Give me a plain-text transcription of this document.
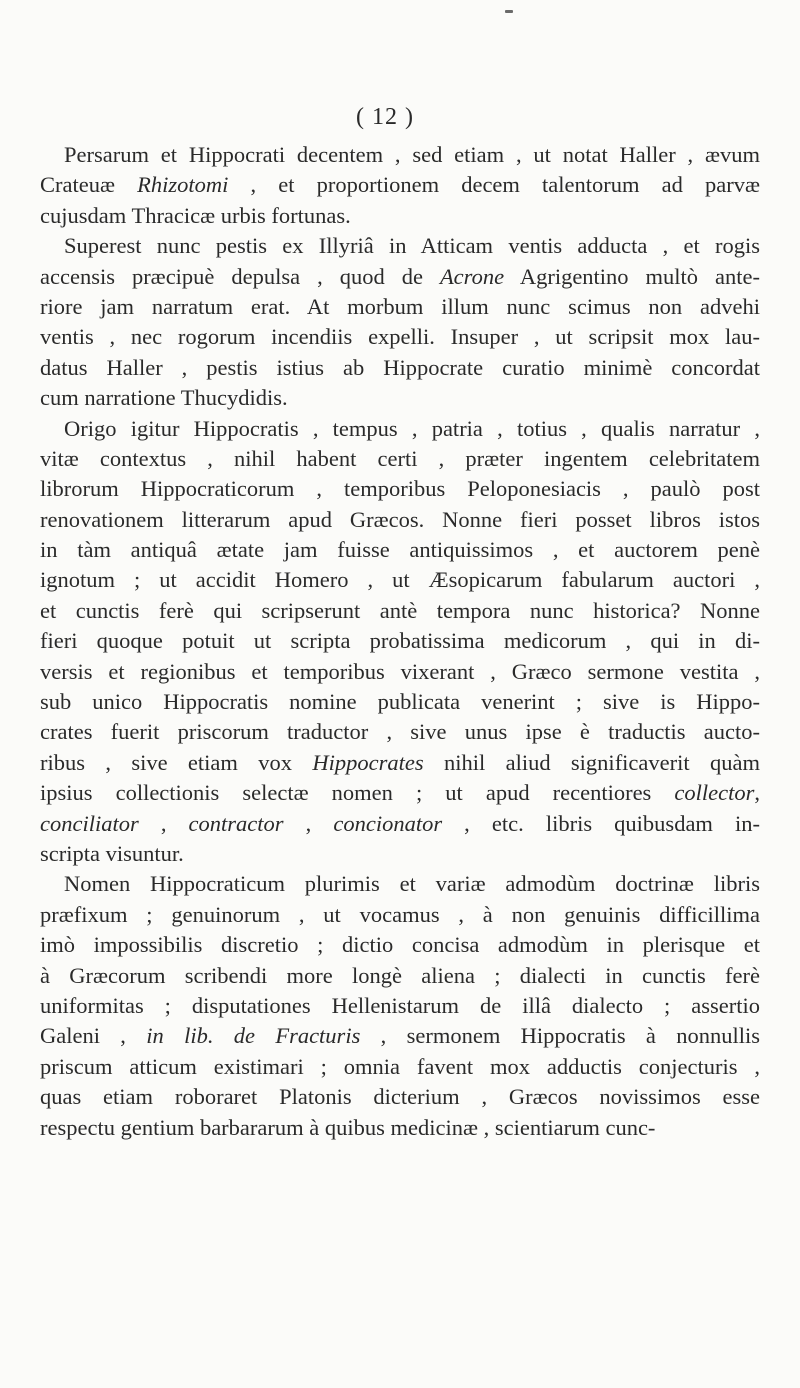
( 12 )
Persarum et Hippocrati decentem , sed etiam , ut notat Haller , ævum
Crateuæ Rhizotomi , et proportionem decem talentorum ad parvæ
cujusdam Thracicæ urbis fortunas.
Superest nunc pestis ex Illyriâ in Atticam ventis adducta , et rogis
accensis præcipuè depulsa , quod de Acrone Agrigentino multò ante-
riore jam narratum erat. At morbum illum nunc scimus non advehi
ventis , nec rogorum incendiis expelli. Insuper , ut scripsit mox lau-
datus Haller , pestis istius ab Hippocrate curatio minimè concordat
cum narratione Thucydidis.
Origo igitur Hippocratis , tempus , patria , totius , qualis narratur ,
vitæ contextus , nihil habent certi , præter ingentem celebritatem
librorum Hippocraticorum , temporibus Peloponesiacis , paulò post
renovationem litterarum apud Græcos. Nonne fieri posset libros istos
in tàm antiquâ ætate jam fuisse antiquissimos , et auctorem penè
ignotum ; ut accidit Homero , ut Æsopicarum fabularum auctori ,
et cunctis ferè qui scripserunt antè tempora nunc historica? Nonne
fieri quoque potuit ut scripta probatissima medicorum , qui in di-
versis et regionibus et temporibus vixerant , Græco sermone vestita ,
sub unico Hippocratis nomine publicata venerint ; sive is Hippo-
crates fuerit priscorum traductor , sive unus ipse è traductis aucto-
ribus , sive etiam vox Hippocrates nihil aliud significaverit quàm
ipsius collectionis selectæ nomen ; ut apud recentiores collector,
conciliator , contractor , concionator , etc. libris quibusdam in-
scripta visuntur.
Nomen Hippocraticum plurimis et variæ admodùm doctrinæ libris
præfixum ; genuinorum , ut vocamus , à non genuinis difficillima
imò impossibilis discretio ; dictio concisa admodùm in plerisque et
à Græcorum scribendi more longè aliena ; dialecti in cunctis ferè
uniformitas ; disputationes Hellenistarum de illâ dialecto ; assertio
Galeni , in lib. de Fracturis , sermonem Hippocratis à nonnullis
priscum atticum existimari ; omnia favent mox adductis conjecturis ,
quas etiam roboraret Platonis dicterium , Græcos novissimos esse
respectu gentium barbararum à quibus medicinæ , scientiarum cunc-
